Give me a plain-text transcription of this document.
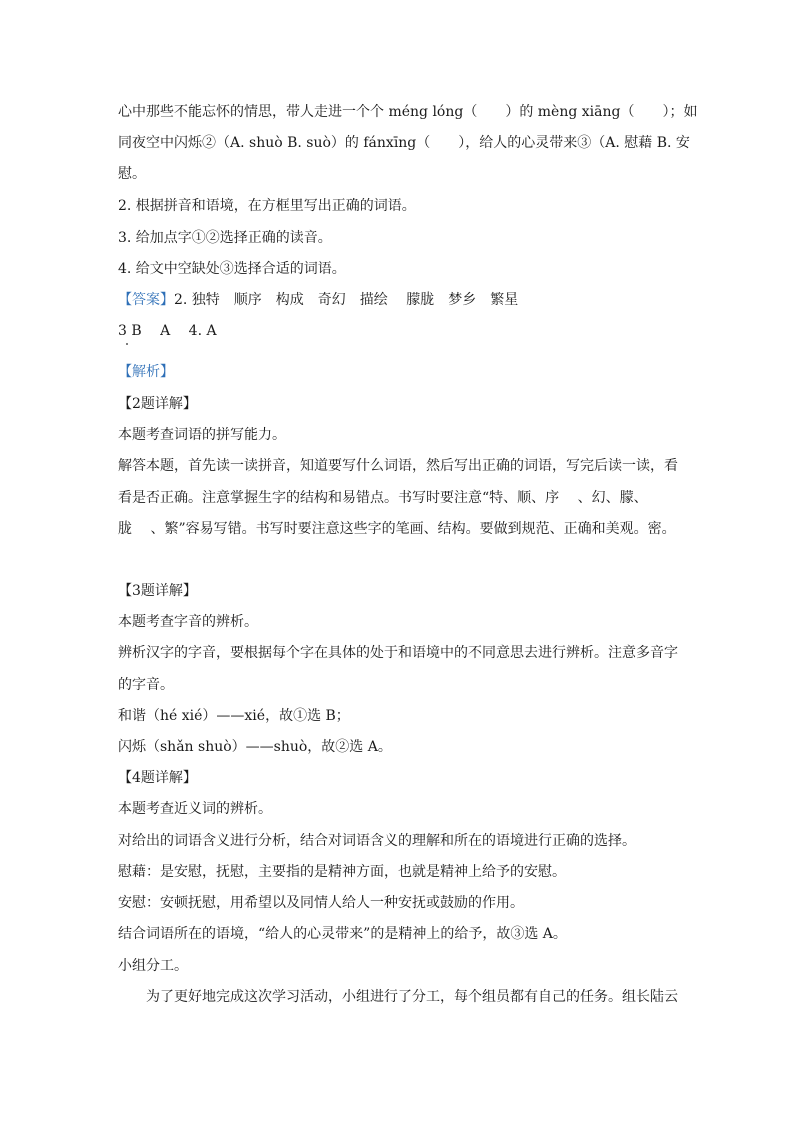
心中那些不能忘怀的情思，带人走进一个个 méng lóng（　　）的 mèng xiāng（　　）；如
同夜空中闪烁②（A. shuò B. suò）的 fánxīng（　　），给人的心灵带来③（A. 慰藉 B. 安
慰。
2. 根据拼音和语境，在方框里写出正确的词语。
3. 给加点字①②选择正确的读音。
4. 给文中空缺处③选择合适的词语。
【答案】2. 独特　顺序　构成　奇幻　描绘　 朦胧　梦乡　繁星
3 B　 A　 4. A
【解析】
【2题详解】
本题考查词语的拼写能力。
解答本题，首先读一读拼音，知道要写什么词语，然后写出正确的词语，写完后读一读，看
看是否正确。注意掌握生字的结构和易错点。书写时要注意“特、顺、序　 、幻、朦、
胧　 、繁”容易写错。书写时要注意这些字的笔画、结构。要做到规范、正确和美观。密。
【3题详解】
本题考查字音的辨析。
辨析汉字的字音，要根据每个字在具体的处于和语境中的不同意思去进行辨析。注意多音字
的字音。
和谐（hé xié）——xié，故①选 B；
闪烁（shǎn shuò）——shuò，故②选 A。
【4题详解】
本题考查近义词的辨析。
对给出的词语含义进行分析，结合对词语含义的理解和所在的语境进行正确的选择。
慰藉：是安慰，抚慰，主要指的是精神方面，也就是精神上给予的安慰。
安慰：安顿抚慰，用希望以及同情人给人一种安抚或鼓励的作用。
结合词语所在的语境，“给人的心灵带来”的是精神上的给予，故③选 A。
小组分工。
　　为了更好地完成这次学习活动，小组进行了分工，每个组员都有自己的任务。组长陆云
